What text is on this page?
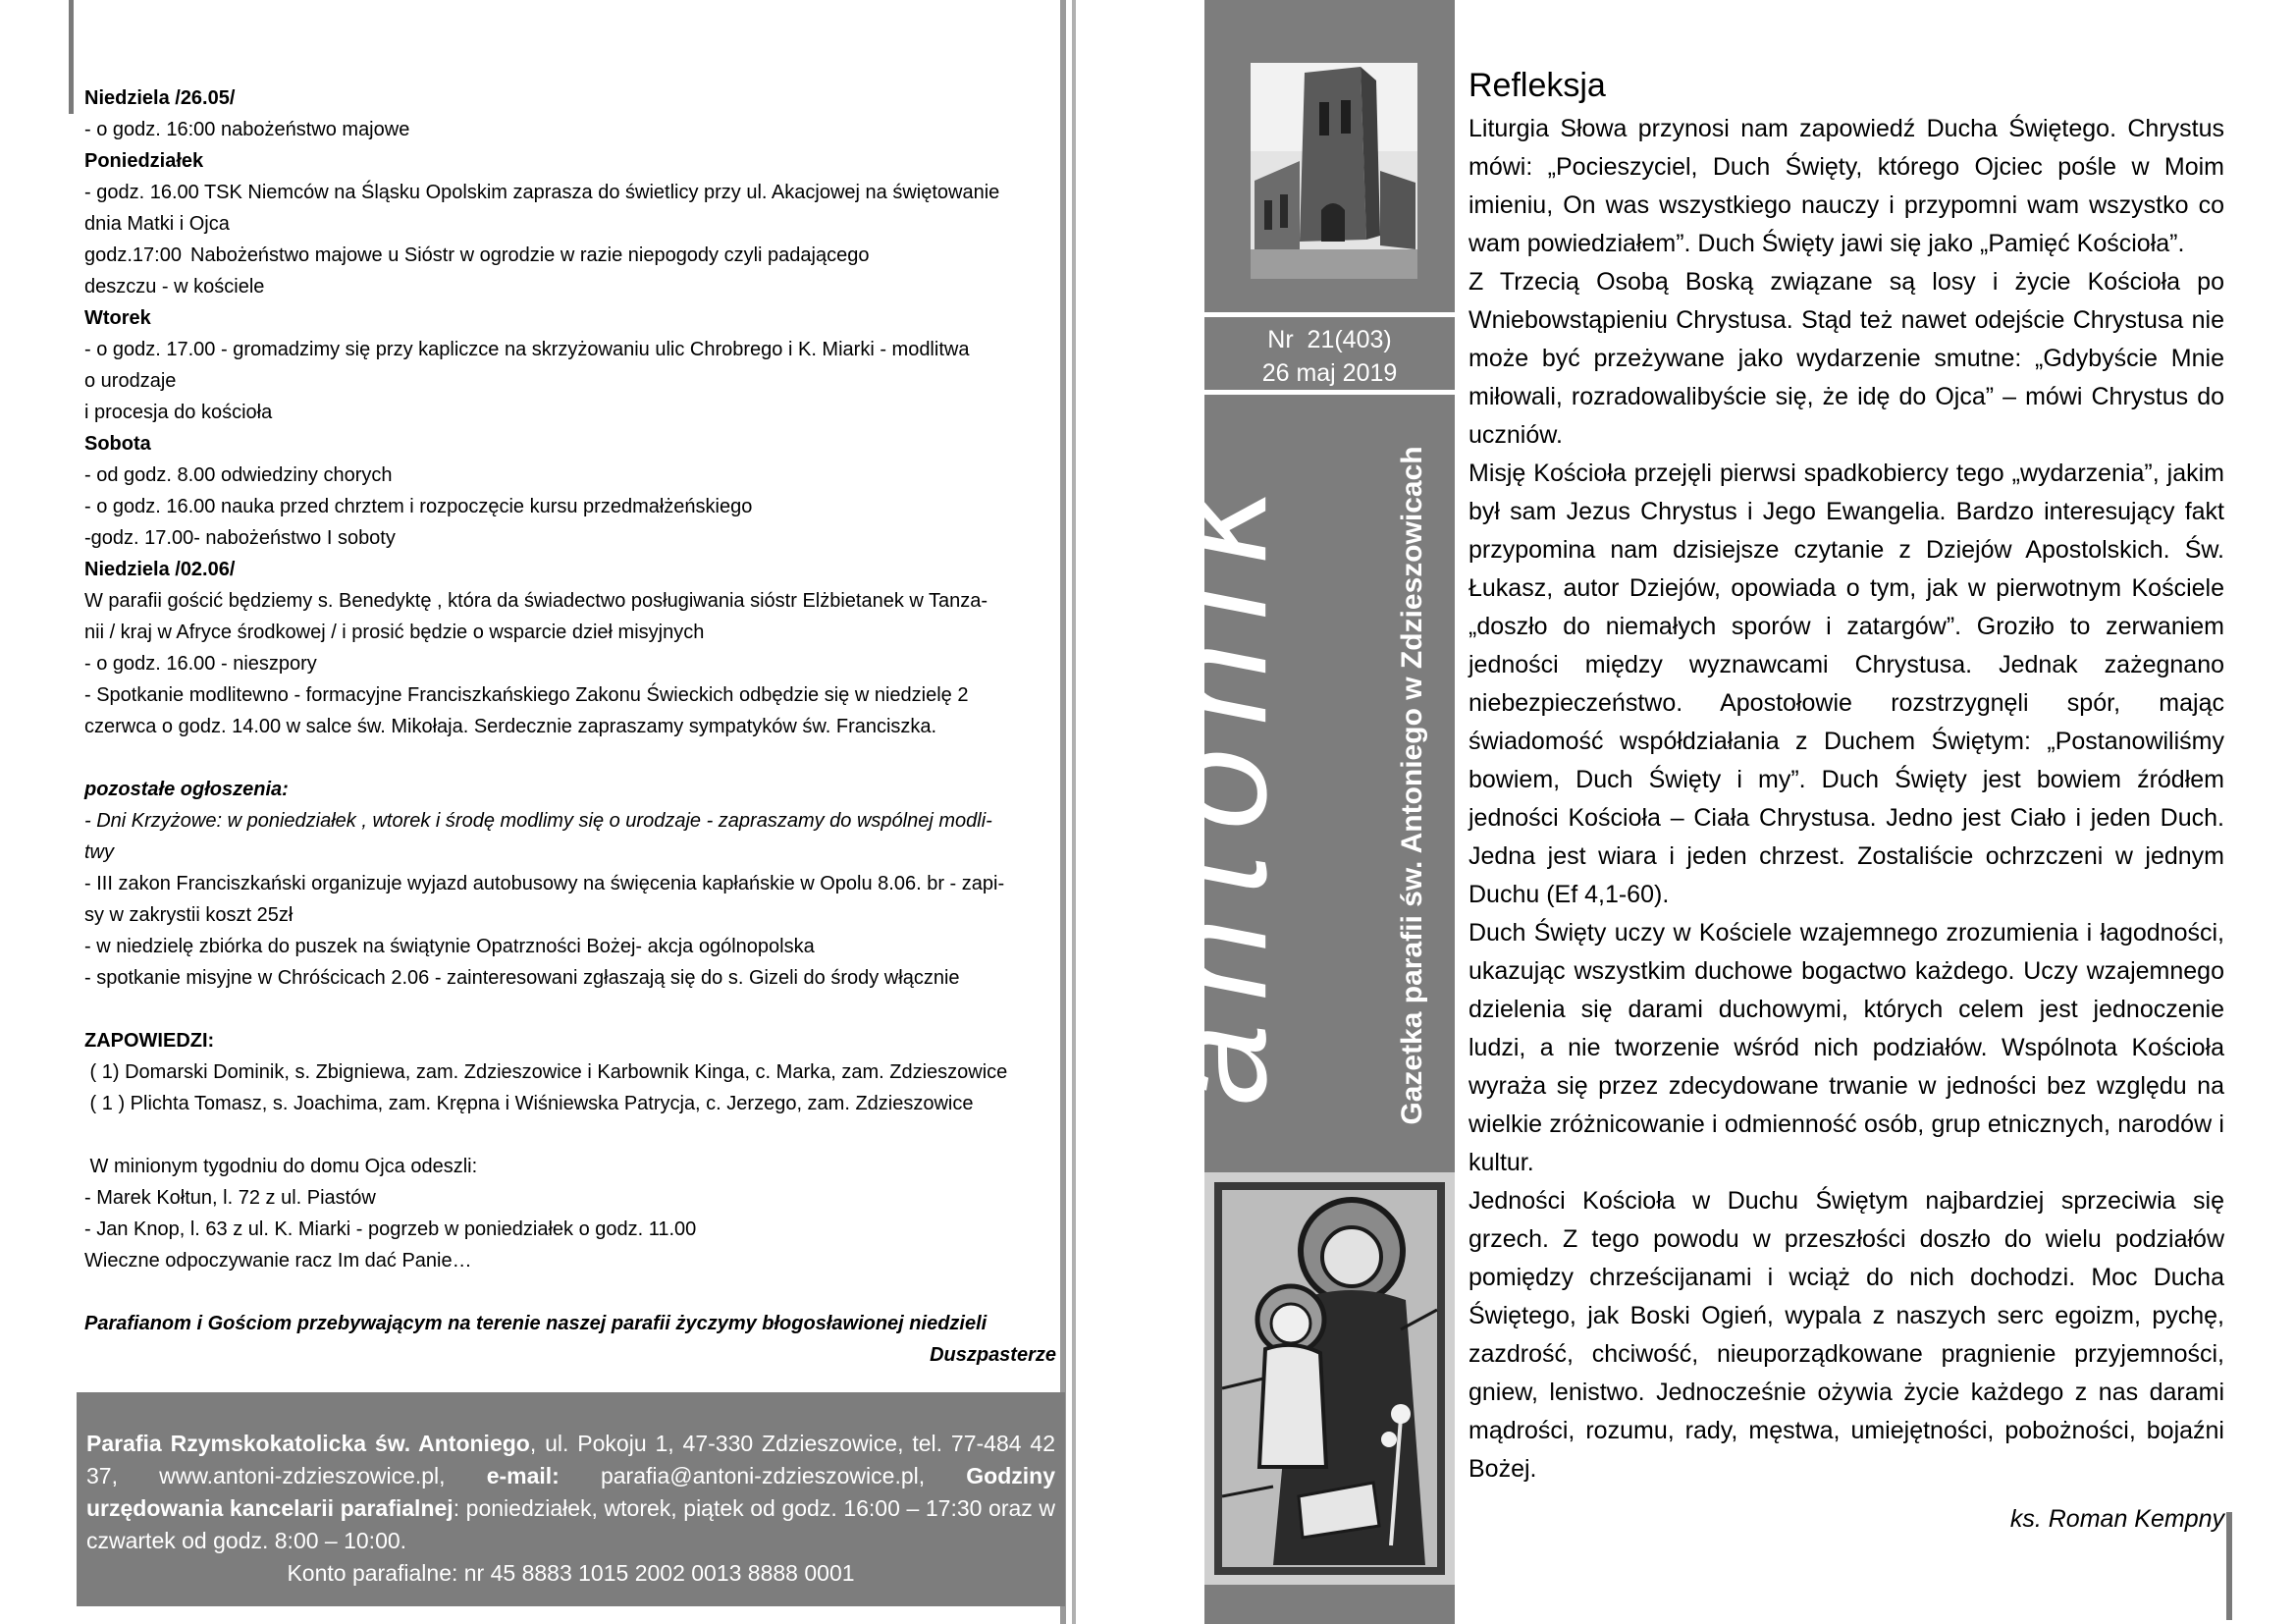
Niedziela /26.05/

- o godz. 16:00 nabożeństwo majowe

Poniedziałek

- godz. 16.00 TSK Niemców na Śląsku Opolskim zaprasza do świetlicy przy ul. Akacjowej na świętowanie

dnia Matki i Ojca

godz.17:00 Nabożeństwo majowe u Sióstr w ogrodzie w razie niepogody czyli padającego

deszczu - w kościele

Wtorek

- o godz. 17.00 - gromadzimy się przy kapliczce na skrzyżowaniu ulic Chrobrego i K. Miarki - modlitwa

o urodzaje

i procesja do kościoła

Sobota

- od godz. 8.00 odwiedziny chorych

- o godz. 16.00 nauka przed chrztem i rozpoczęcie kursu przedmałżeńskiego

-godz. 17.00- nabożeństwo I soboty

Niedziela /02.06/

W parafii gościć będziemy s. Benedyktę , która da świadectwo posługiwania sióstr Elżbietanek w Tanza-

nii / kraj w Afryce środkowej / i prosić będzie o wsparcie dzieł misyjnych

- o godz. 16.00 - nieszpory

- Spotkanie modlitewno - formacyjne Franciszkańskiego Zakonu Świeckich odbędzie się w niedzielę 2

czerwca o godz. 14.00 w salce św. Mikołaja. Serdecznie zapraszamy sympatyków św. Franciszka.

pozostałe ogłoszenia:

- Dni Krzyżowe: w poniedziałek , wtorek i środę modlimy się o urodzaje - zapraszamy do wspólnej modli-

twy

- III zakon Franciszkański organizuje wyjazd autobusowy na święcenia kapłańskie w Opolu 8.06. br - zapi-

sy w zakrystii koszt 25zł

- w niedzielę zbiórka do puszek na świątynie Opatrzności Bożej- akcja ogólnopolska

- spotkanie misyjne w Chróścicach 2.06 - zainteresowani zgłaszają się do s. Gizeli do środy włącznie

ZAPOWIEDZI:

( 1) Domarski Dominik, s. Zbigniewa, zam. Zdzieszowice i Karbownik Kinga, c. Marka, zam. Zdzieszowice

( 1 ) Plichta Tomasz, s. Joachima, zam. Krępna i Wiśniewska Patrycja, c. Jerzego, zam. Zdzieszowice

W minionym tygodniu do domu Ojca odeszli:

- Marek Kołtun, l. 72 z ul. Piastów

- Jan Knop, l. 63 z ul. K. Miarki - pogrzeb w poniedziałek o godz. 11.00

Wieczne odpoczywanie racz Im dać Panie…

Parafianom i Gościom przebywającym na terenie naszej parafii życzymy błogosławionej niedzieli

Duszpasterze

Parafia Rzymskokatolicka św. Antoniego, ul. Pokoju 1, 47-330 Zdzieszowice, tel. 77-484 42 37, www.antoni-zdzieszowice.pl, e-mail: parafia@antoni-zdzieszowice.pl, Godziny urzędowania kancelarii parafialnej: poniedziałek, wtorek, piątek od godz. 16:00 – 17:30 oraz w czwartek od godz. 8:00 – 10:00.
Konto parafialne: nr 45 8883 1015 2002 0013 8888 0001
Nr  21(403)
26 maj 2019
antonik	Gazetka parafii św. Antoniego w Zdzieszowicach
Refleksja

Liturgia Słowa przynosi nam zapowiedź Ducha Świętego. Chrystus mówi: „Pocieszyciel, Duch Święty, którego Ojciec pośle w Moim imieniu, On was wszystkiego nauczy i przypomni wam wszystko co wam powiedziałem”. Duch Święty jawi się jako „Pamięć Kościoła”.

Z Trzecią Osobą Boską związane są losy i życie Kościoła po Wniebowstąpieniu Chrystusa. Stąd też nawet odejście Chrystusa nie może być przeżywane jako wydarzenie smutne: „Gdybyście Mnie miłowali, rozradowalibyście się, że idę do Ojca” – mówi Chrystus do uczniów.

Misję Kościoła przejęli pierwsi spadkobiercy tego „wydarzenia”, jakim był sam Jezus Chrystus i Jego Ewangelia. Bardzo interesujący fakt przypomina nam dzisiejsze czytanie z Dziejów Apostolskich. Św. Łukasz, autor Dziejów, opowiada o tym, jak w pierwotnym Kościele „doszło do niemałych sporów i zatargów”. Groziło to zerwaniem jedności między wyznawcami Chrystusa. Jednak zażegnano niebezpieczeństwo. Apostołowie rozstrzygnęli spór, mając świadomość współdziałania z Duchem Świętym: „Postanowiliśmy bowiem, Duch Święty i my”. Duch Święty jest bowiem źródłem jedności Kościoła – Ciała Chrystusa. Jedno jest Ciało i jeden Duch. Jedna jest wiara i jeden chrzest. Zostaliście ochrzczeni w jednym Duchu (Ef 4,1-60).

Duch Święty uczy w Kościele wzajemnego zrozumienia i łagodności, ukazując wszystkim duchowe bogactwo każdego. Uczy wzajemnego dzielenia się darami duchowymi, których celem jest jednoczenie ludzi, a nie tworzenie wśród nich podziałów. Wspólnota Kościoła wyraża się przez zdecydowane trwanie w jedności bez względu na wielkie zróżnicowanie i odmienność osób, grup etnicznych, narodów i kultur.

Jedności Kościoła w Duchu Świętym najbardziej sprzeciwia się grzech. Z tego powodu w przeszłości doszło do wielu podziałów pomiędzy chrześcijanami i wciąż do nich dochodzi. Moc Ducha Świętego, jak Boski Ogień, wypala z naszych serc egoizm, pychę, zazdrość, chciwość, nieuporządkowane pragnienie przyjemności, gniew, lenistwo. Jednocześnie ożywia życie każdego z nas darami mądrości, rozumu, rady, męstwa, umiejętności, pobożności, bojaźni Bożej.

ks. Roman Kempny
